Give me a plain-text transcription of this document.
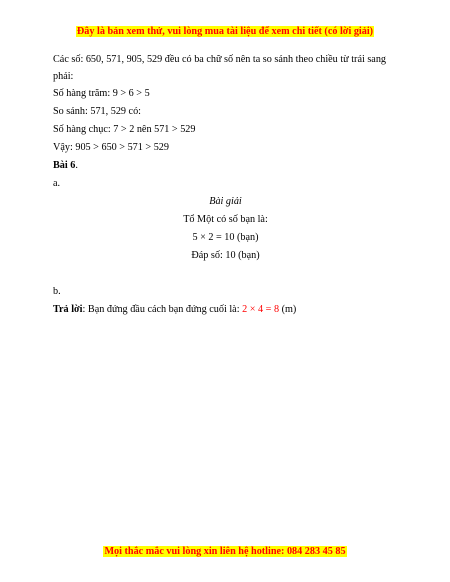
Đây là bản xem thử, vui lòng mua tài liệu để xem chi tiết (có lời giải)

Các số: 650, 571, 905, 529 đều có ba chữ số nên ta so sánh theo chiều từ trái sang phải:

Số hàng trăm: 9 > 6 > 5

So sánh: 571, 529 có:

Số hàng chục: 7 > 2 nên 571 > 529

Vậy: 905 > 650 > 571 > 529

Bài 6.

a.

Bài giải

Tổ Một có số bạn là:

5 × 2 = 10 (bạn)

Đáp số: 10 (bạn)

b.

Trả lời: Bạn đứng đầu cách bạn đứng cuối là: 2 × 4 = 8 (m)

Mọi thắc mắc vui lòng xin liên hệ hotline: 084 283 45 85
